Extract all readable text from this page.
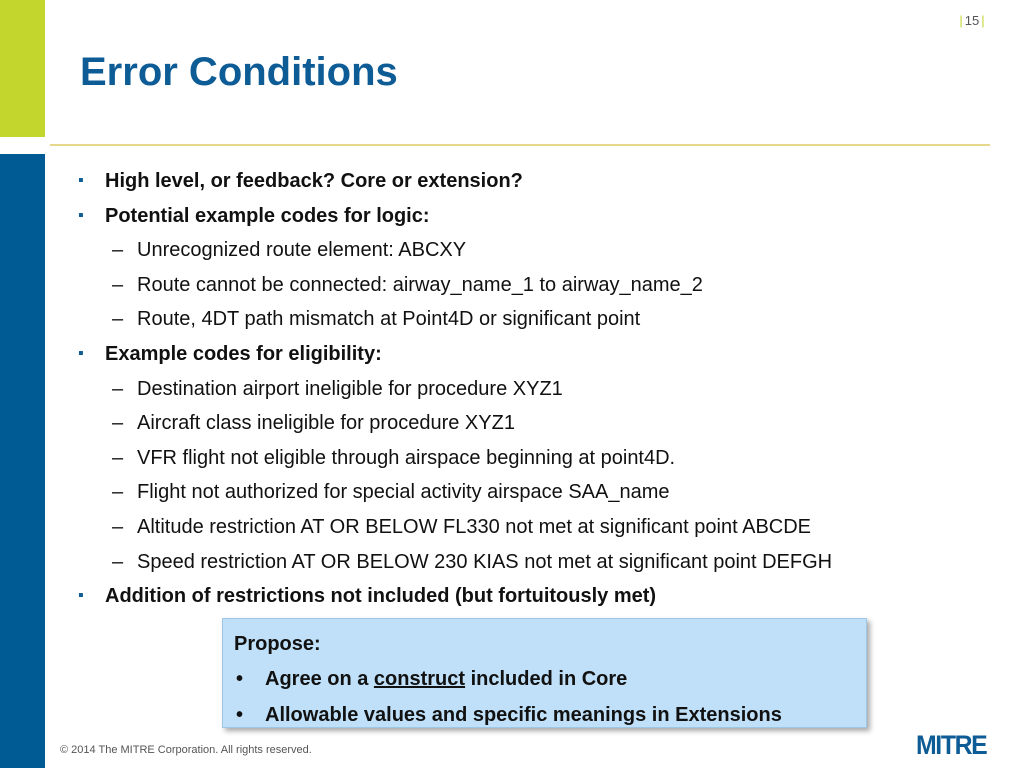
| 15 |
Error Conditions
▪ High level, or feedback? Core or extension?
▪ Potential example codes for logic:
– Unrecognized route element: ABCXY
– Route cannot be connected: airway_name_1 to airway_name_2
– Route, 4DT path mismatch at Point4D or significant point
▪ Example codes for eligibility:
– Destination airport ineligible for procedure XYZ1
– Aircraft class ineligible for procedure XYZ1
– VFR flight not eligible through airspace beginning at point4D.
– Flight not authorized for special activity airspace SAA_name
– Altitude restriction AT OR BELOW FL330 not met at significant point ABCDE
– Speed restriction AT OR BELOW 230 KIAS not met at significant point DEFGH
▪ Addition of restrictions not included (but fortuitously met)
Propose:
• Agree on a construct included in Core
• Allowable values and specific meanings in Extensions
© 2014 The MITRE Corporation. All rights reserved.	MITRE
